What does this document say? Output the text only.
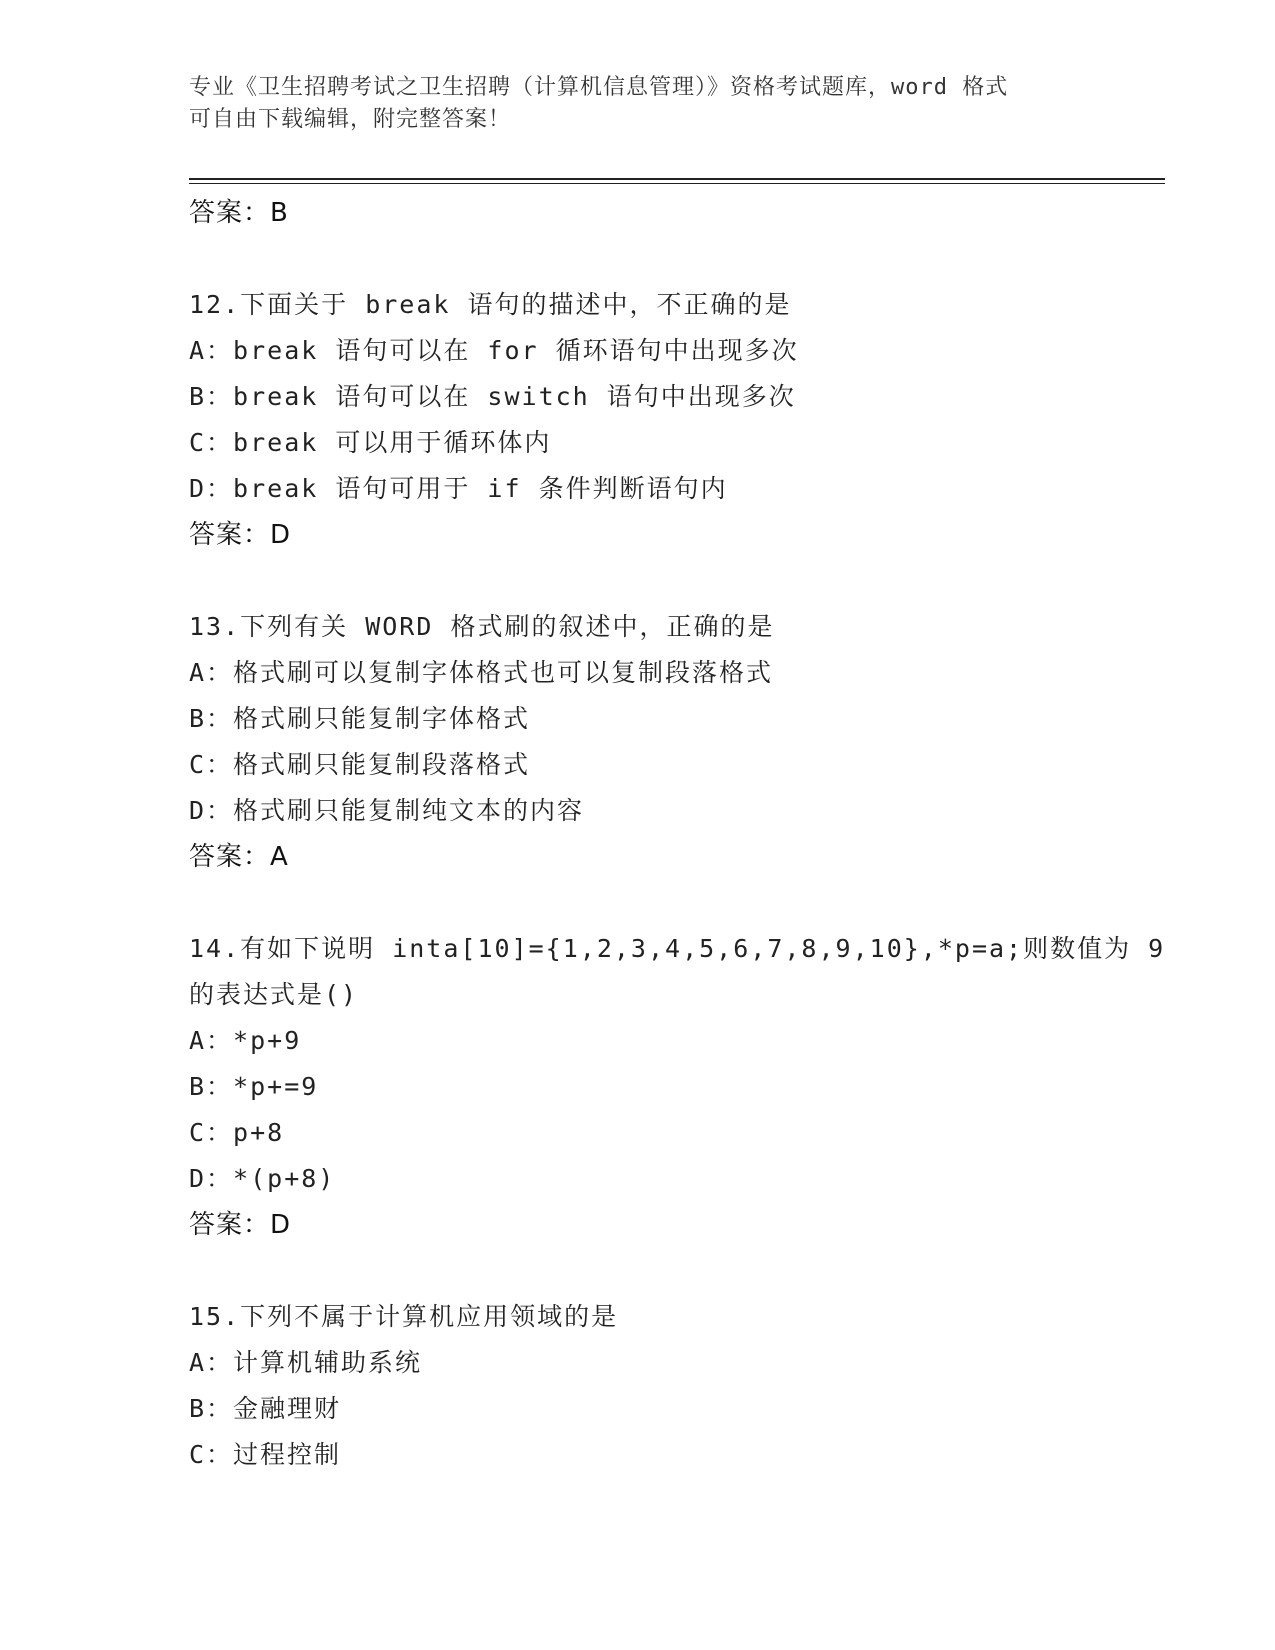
专业《卫生招聘考试之卫生招聘（计算机信息管理）》资格考试题库，word 格式

可自由下载编辑，附完整答案！

答案：B
12.下面关于 break 语句的描述中，不正确的是
A：break 语句可以在 for 循环语句中出现多次
B：break 语句可以在 switch 语句中出现多次
C：break 可以用于循环体内
D：break 语句可用于 if 条件判断语句内
答案：D
13.下列有关 WORD 格式刷的叙述中，正确的是
A：格式刷可以复制字体格式也可以复制段落格式
B：格式刷只能复制字体格式
C：格式刷只能复制段落格式
D：格式刷只能复制纯文本的内容
答案：A
14.有如下说明 inta[10]={1,2,3,4,5,6,7,8,9,10},*p=a;则数值为 9
的表达式是()
A：*p+9
B：*p+=9
C：p+8
D：*(p+8)
答案：D
15.下列不属于计算机应用领域的是
A：计算机辅助系统
B：金融理财
C：过程控制
